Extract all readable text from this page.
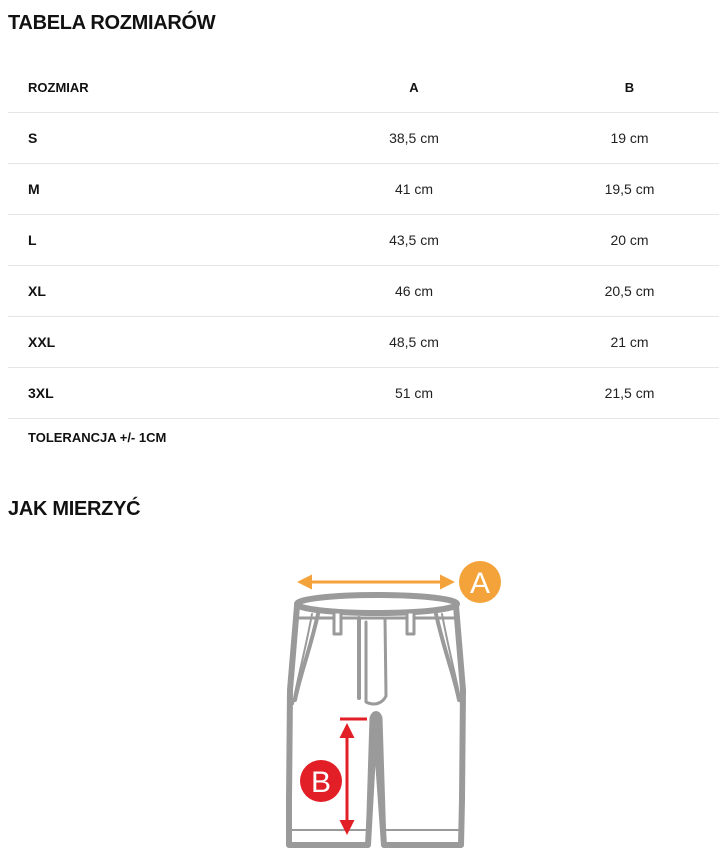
TABELA ROZMIARÓW
ROZMIAR	A	B
S	38,5 cm	19 cm
M	41 cm	19,5 cm
L	43,5 cm	20 cm
XL	46 cm	20,5 cm
XXL	48,5 cm	21 cm
3XL	51 cm	21,5 cm
TOLERANCJA +/- 1CM
JAK MIERZYĆ
A
B
